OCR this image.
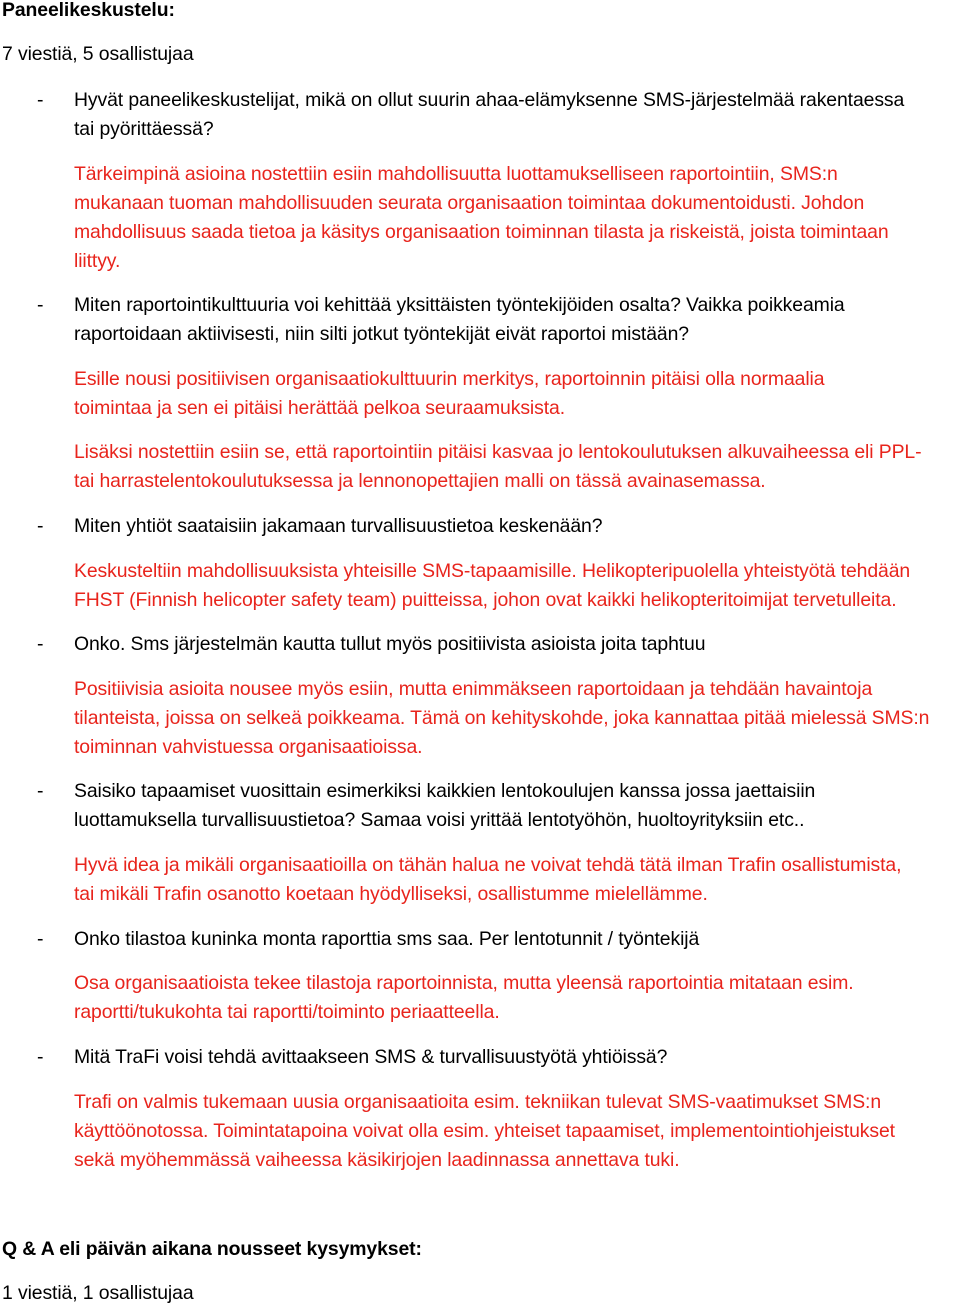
Paneelikeskustelu:
7 viestiä, 5 osallistujaa
- Hyvät paneelikeskustelijat, mikä on ollut suurin ahaa-elämyksenne SMS-järjestelmää rakentaessa
tai pyörittäessä?
Tärkeimpinä asioina nostettiin esiin mahdollisuutta luottamukselliseen raportointiin, SMS:n
mukanaan tuoman mahdollisuuden seurata organisaation toimintaa dokumentoidusti. Johdon
mahdollisuus saada tietoa ja käsitys organisaation toiminnan tilasta ja riskeistä, joista toimintaan
liittyy.
- Miten raportointikulttuuria voi kehittää yksittäisten työntekijöiden osalta? Vaikka poikkeamia
raportoidaan aktiivisesti, niin silti jotkut työntekijät eivät raportoi mistään?
Esille nousi positiivisen organisaatiokulttuurin merkitys, raportoinnin pitäisi olla normaalia
toimintaa ja sen ei pitäisi herättää pelkoa seuraamuksista.
Lisäksi nostettiin esiin se, että raportointiin pitäisi kasvaa jo lentokoulutuksen alkuvaiheessa eli PPL-
tai harrastelentokoulutuksessa ja lennonopettajien malli on tässä avainasemassa.
- Miten yhtiöt saataisiin jakamaan turvallisuustietoa keskenään?
Keskusteltiin mahdollisuuksista yhteisille SMS-tapaamisille. Helikopteripuolella yhteistyötä tehdään
FHST (Finnish helicopter safety team) puitteissa, johon ovat kaikki helikopteritoimijat tervetulleita.
- Onko. Sms järjestelmän kautta tullut myös positiivista asioista joita taphtuu
Positiivisia asioita nousee myös esiin, mutta enimmäkseen raportoidaan ja tehdään havaintoja
tilanteista, joissa on selkeä poikkeama. Tämä on kehityskohde, joka kannattaa pitää mielessä SMS:n
toiminnan vahvistuessa organisaatioissa.
- Saisiko tapaamiset vuosittain esimerkiksi kaikkien lentokoulujen kanssa jossa jaettaisiin
luottamuksella turvallisuustietoa? Samaa voisi yrittää lentotyöhön, huoltoyrityksiin etc..
Hyvä idea ja mikäli organisaatioilla on tähän halua ne voivat tehdä tätä ilman Trafin osallistumista,
tai mikäli Trafin osanotto koetaan hyödylliseksi, osallistumme mielellämme.
- Onko tilastoa kuninka monta raporttia sms saa. Per lentotunnit / työntekijä
Osa organisaatioista tekee tilastoja raportoinnista, mutta yleensä raportointia mitataan esim.
raportti/tukukohta tai raportti/toiminto periaatteella.
- Mitä TraFi voisi tehdä avittaakseen SMS & turvallisuustyötä yhtiöissä?
Trafi on valmis tukemaan uusia organisaatioita esim. tekniikan tulevat SMS-vaatimukset SMS:n
käyttöönotossa. Toimintatapoina voivat olla esim. yhteiset tapaamiset, implementointiohjeistukset
sekä myöhemmässä vaiheessa käsikirjojen laadinnassa annettava tuki.
Q & A eli päivän aikana nousseet kysymykset:
1 viestiä, 1 osallistujaa
